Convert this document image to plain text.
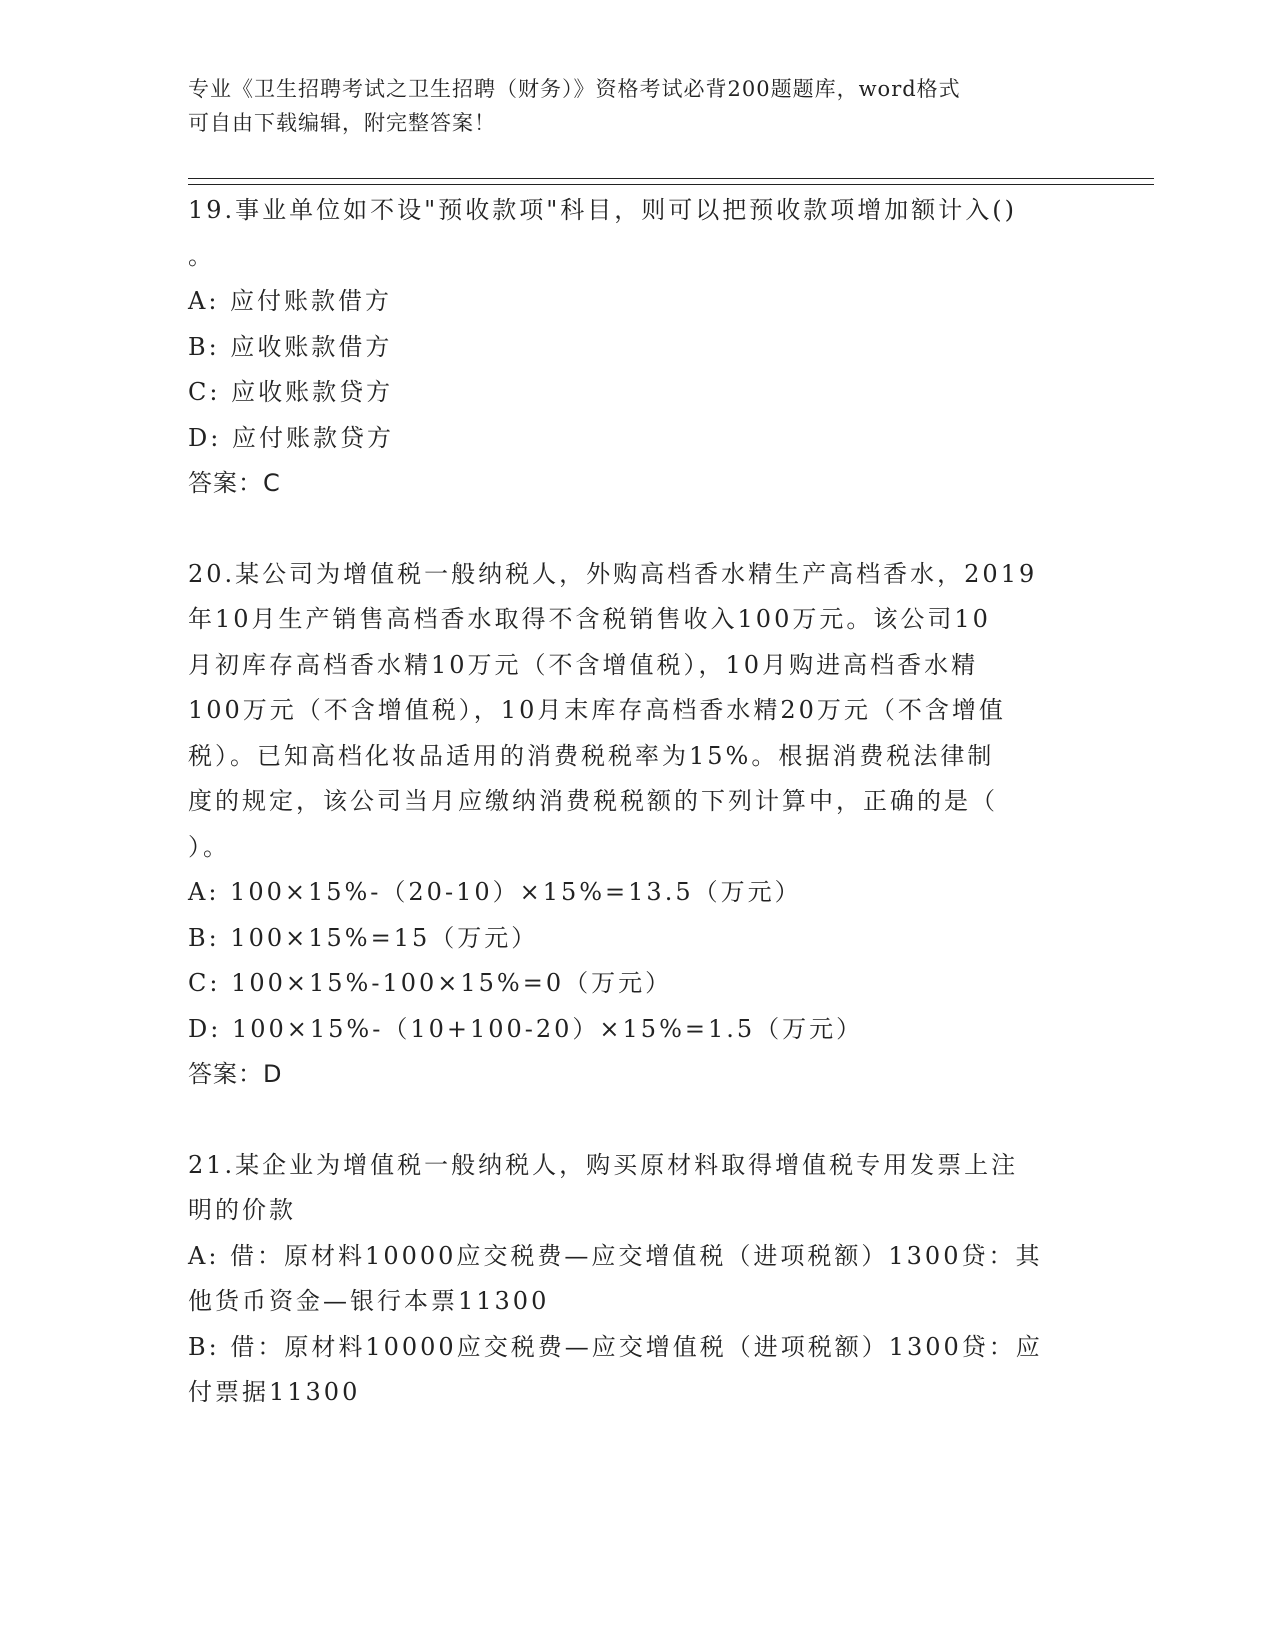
专业《卫生招聘考试之卫生招聘（财务）》资格考试必背200题题库，word格式
可自由下载编辑，附完整答案！
19.事业单位如不设"预收款项"科目，则可以把预收款项增加额计入()
。
A: 应付账款借方
B: 应收账款借方
C: 应收账款贷方
D: 应付账款贷方
答案：C
20.某公司为增值税一般纳税人，外购高档香水精生产高档香水，2019
年10月生产销售高档香水取得不含税销售收入100万元。该公司10
月初库存高档香水精10万元（不含增值税），10月购进高档香水精
100万元（不含增值税），10月末库存高档香水精20万元（不含增值
税）。已知高档化妆品适用的消费税税率为15%。根据消费税法律制
度的规定，该公司当月应缴纳消费税税额的下列计算中，正确的是（
）。
A: 100×15%-（20-10）×15%=13.5（万元）
B: 100×15%=15（万元）
C: 100×15%-100×15%=0（万元）
D: 100×15%-（10+100-20）×15%=1.5（万元）
答案：D
21.某企业为增值税一般纳税人，购买原材料取得增值税专用发票上注
明的价款
A: 借：原材料10000应交税费—应交增值税（进项税额）1300贷：其
他货币资金—银行本票11300
B: 借：原材料10000应交税费—应交增值税（进项税额）1300贷：应
付票据11300
